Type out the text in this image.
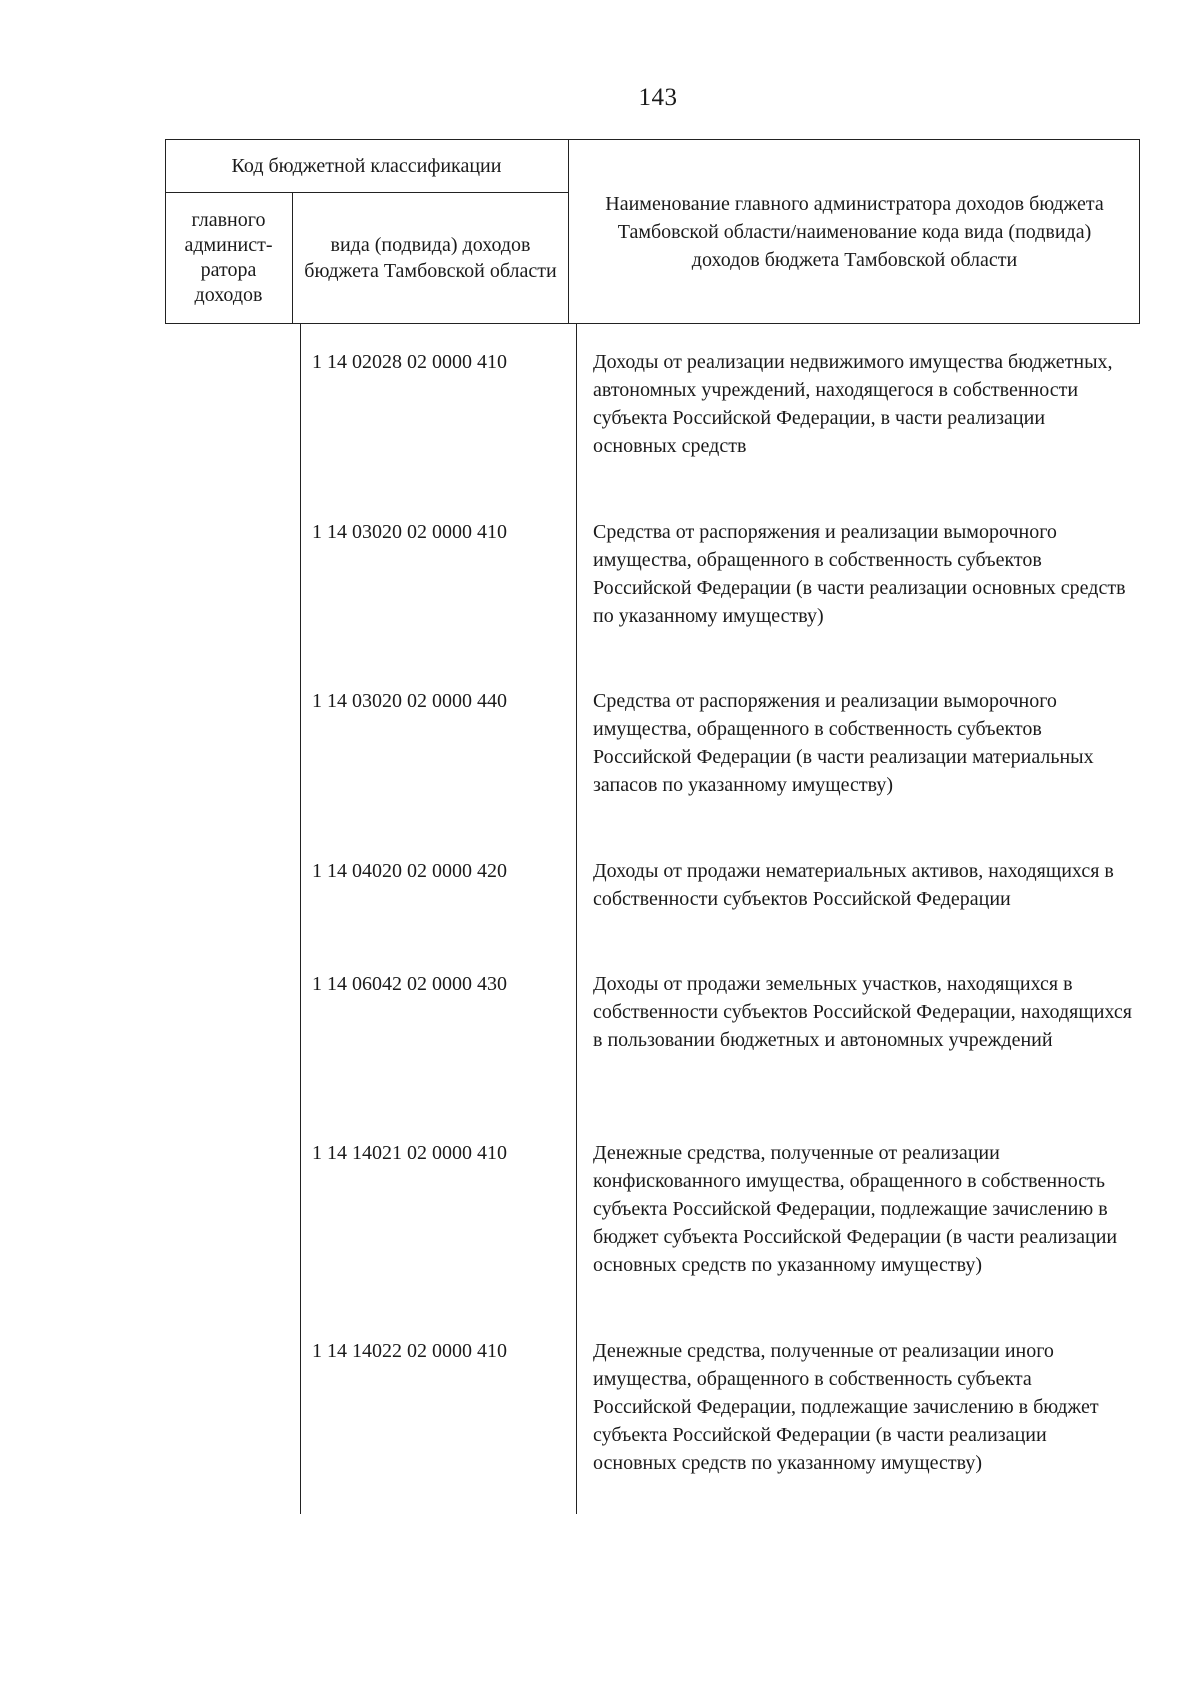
143
Код бюджетной классификации
главного админист-ратора доходов
вида (подвида) доходов бюджета Тамбовской области
Наименование главного администратора доходов бюджета Тамбовской области/наименование кода вида (подвида) доходов бюджета Тамбовской области
1 14 02028 02 0000 410	Доходы от реализации недвижимого имущества бюджетных, автономных учреждений, находящегося в собственности субъекта Российской Федерации, в части реализации основных средств
1 14 03020 02 0000 410	Средства от распоряжения и реализации выморочного имущества, обращенного в собственность субъектов Российской Федерации (в части реализации основных средств по указанному имуществу)
1 14 03020 02 0000 440	Средства от распоряжения и реализации выморочного имущества, обращенного в собственность субъектов Российской Федерации (в части реализации материальных запасов по указанному имуществу)
1 14 04020 02 0000 420	Доходы от продажи нематериальных активов, находящихся в собственности субъектов Российской Федерации
1 14 06042 02 0000 430	Доходы от продажи земельных участков, находящихся в собственности субъектов Российской Федерации, находящихся в пользовании бюджетных и автономных учреждений
1 14 14021 02 0000 410	Денежные средства, полученные от реализации конфискованного имущества, обращенного в собственность субъекта Российской Федерации, подлежащие зачислению в бюджет субъекта Российской Федерации (в части реализации основных средств по указанному имуществу)
1 14 14022 02 0000 410	Денежные средства, полученные от реализации иного имущества, обращенного в собственность субъекта Российской Федерации, подлежащие зачислению в бюджет субъекта Российской Федерации (в части реализации основных средств по указанному имуществу)
